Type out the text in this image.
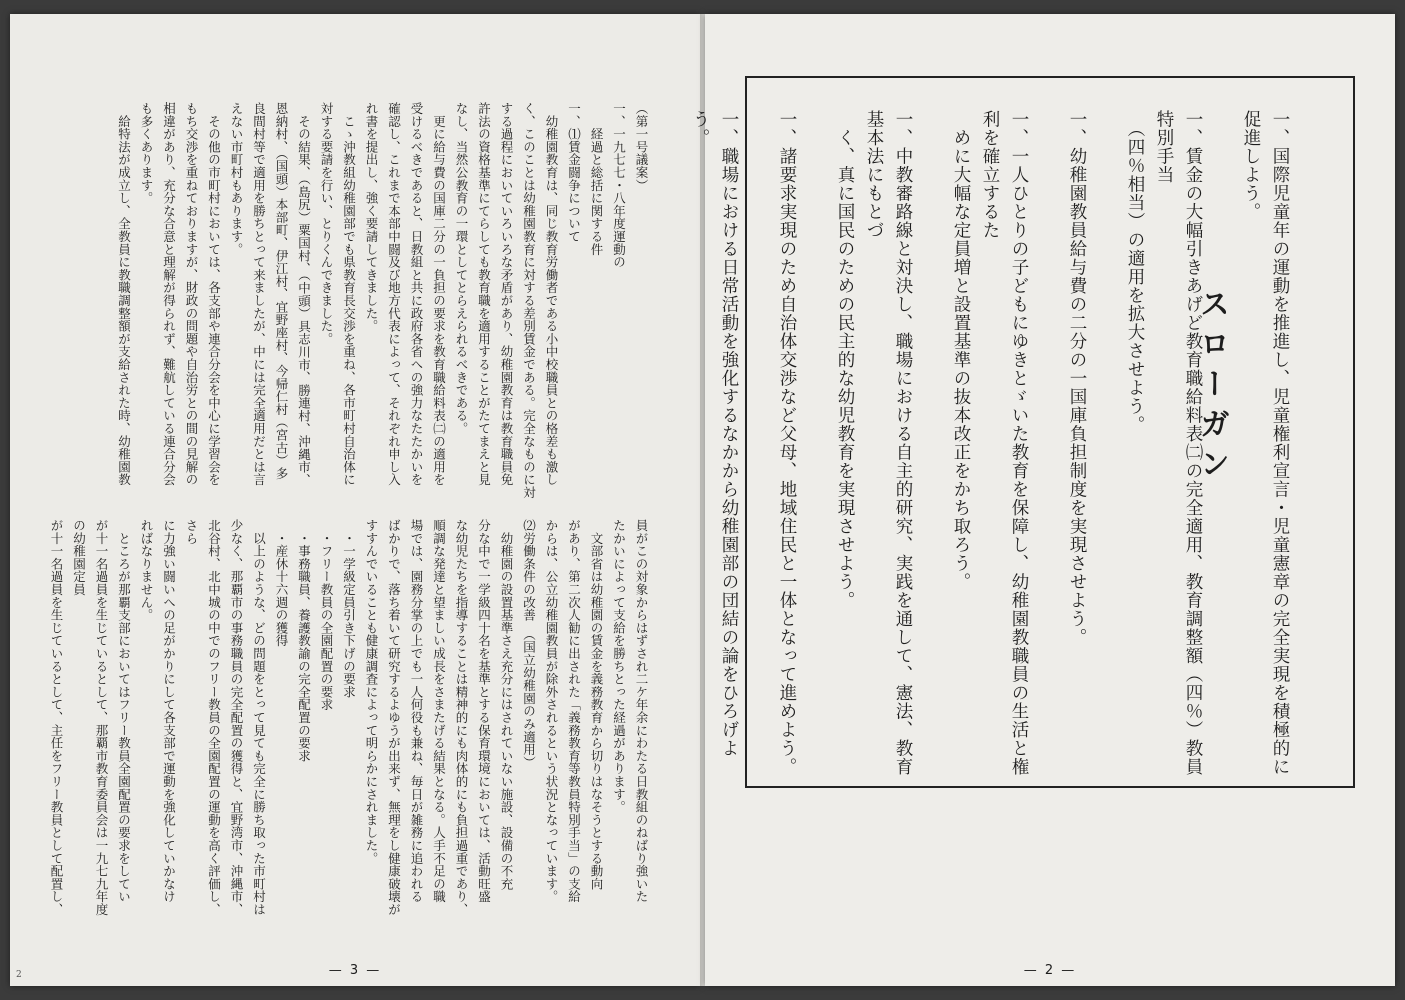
（第一号議案）
一、一九七七・八年度運動の
　　経過と総括に関する件
一、⑴賃金闘争について
　幼稚園教育は、同じ教育労働者である小中校職員との格差も激し
く、このことは幼稚園教育に対する差別賃金である。完全なものに対
する過程においていろいろな矛盾があり、幼稚園教育は教育職員免
許法の資格基準にてらしても教育職を適用することがたてまえと見
なし、当然公教育の一環としてとらえられるべきである。
　更に給与費の国庫二分の一負担の要求を教育職給料表㈡の適用を
受けるべきであると、日教組と共に政府各省への強力なたたかいを
確認し、これまで本部中闘及び地方代表によって、それぞれ申し入
れ書を提出し、強く要請してきました。
　こゝ沖教組幼稚園部でも県教育長交渉を重ね、各市町村自治体に
対する要請を行い、とりくんできました。
　その結果、（島尻）粟国村、（中頭）具志川市、勝連村、沖縄市、
恩納村、（国頭）本部町、伊江村、宜野座村、今帰仁村（宮古）多
良間村等で適用を勝ちとって来ましたが、中には完全適用だとは言
えない市町村もあります。
　その他の市町村においては、各支部や連合分会を中心に学習会を
もち交渉を重ねておりますが、財政の問題や自治労との間の見解の
相違があり、充分な合意と理解が得られず、難航している連合分会
も多くあります。
　給特法が成立し、全教員に教職調整額が支給された時、幼稚園教
員がこの対象からはずされ二ケ年余にわたる日教組のねばり強いた
たかいによって支給を勝ちとった経過があります。
　文部省は幼稚園の賃金を義務教育から切りはなそうとする動向
があり、第二次人勧に出された「義務教育等教員特別手当」の支給
からは、公立幼稚園教員が除外されるという状況となっています。
⑵労働条件の改善　（国立幼稚園のみ適用）
　幼稚園の設置基準さえ充分にはされていない施設、設備の不充
分な中で一学級四十名を基準とする保育環境においては、活動旺盛
な幼児たちを指導することは精神的にも肉体的にも負担過重であり、
順調な発達と望ましい成長をさまたげる結果となる。人手不足の職
場では、園務分掌の上でも一人何役も兼ね、毎日が雑務に追われる
ばかりで、落ち着いて研究するよゆうが出来ず、無理をし健康破壊が
すすんでいることも健康調査によって明らかにされました。
　・一学級定員引き下げの要求
　・フリー教員の全園配置の要求
　・事務職員、養護教諭の完全配置の要求
　・産休十六週の獲得
　以上のような、どの問題をとって見ても完全に勝ち取った市町村は
少なく、那覇市の事務職員の完全配置の獲得と、宜野湾市、沖縄市、
北谷村、北中城の中でのフリー教員の全園配置の運動を高く評価し、さら
に力強い闘いへの足がかりにして各支部で運動を強化していかなけ
ればなりません。
　ところが那覇支部においてはフリー教員全園配置の要求をしてい
が十一名過員を生じているとして、那覇市教育委員会は一九七九年度の幼稚園定員
が十一名過員を生じているとして、主任をフリー教員として配置し、
— 3 —
2

一、国際児童年の運動を推進し、児童権利宣言・児童憲章の完全実現を積極的に促進しよう。

一、賃金の大幅引きあげど教育職給料表㈡の完全適用、教育調整額（四％）教員特別手当
　（四％相当）の適用を拡大させよう。

一、幼稚園教員給与費の二分の一国庫負担制度を実現させよう。

一、一人ひとりの子どもにゆきとゞいた教育を保障し、幼稚園教職員の生活と権利を確立するた
　めに大幅な定員増と設置基準の抜本改正をかち取ろう。

一、中教審路線と対決し、職場における自主的研究、実践を通して、憲法、教育基本法にもとづ
　く、真に国民のための民主的な幼児教育を実現させよう。

一、諸要求実現のため自治体交渉など父母、地域住民と一体となって進めよう。

一、職場における日常活動を強化するなかから幼稚園部の団結の論をひろげよう。

スローガン
— 2 —
